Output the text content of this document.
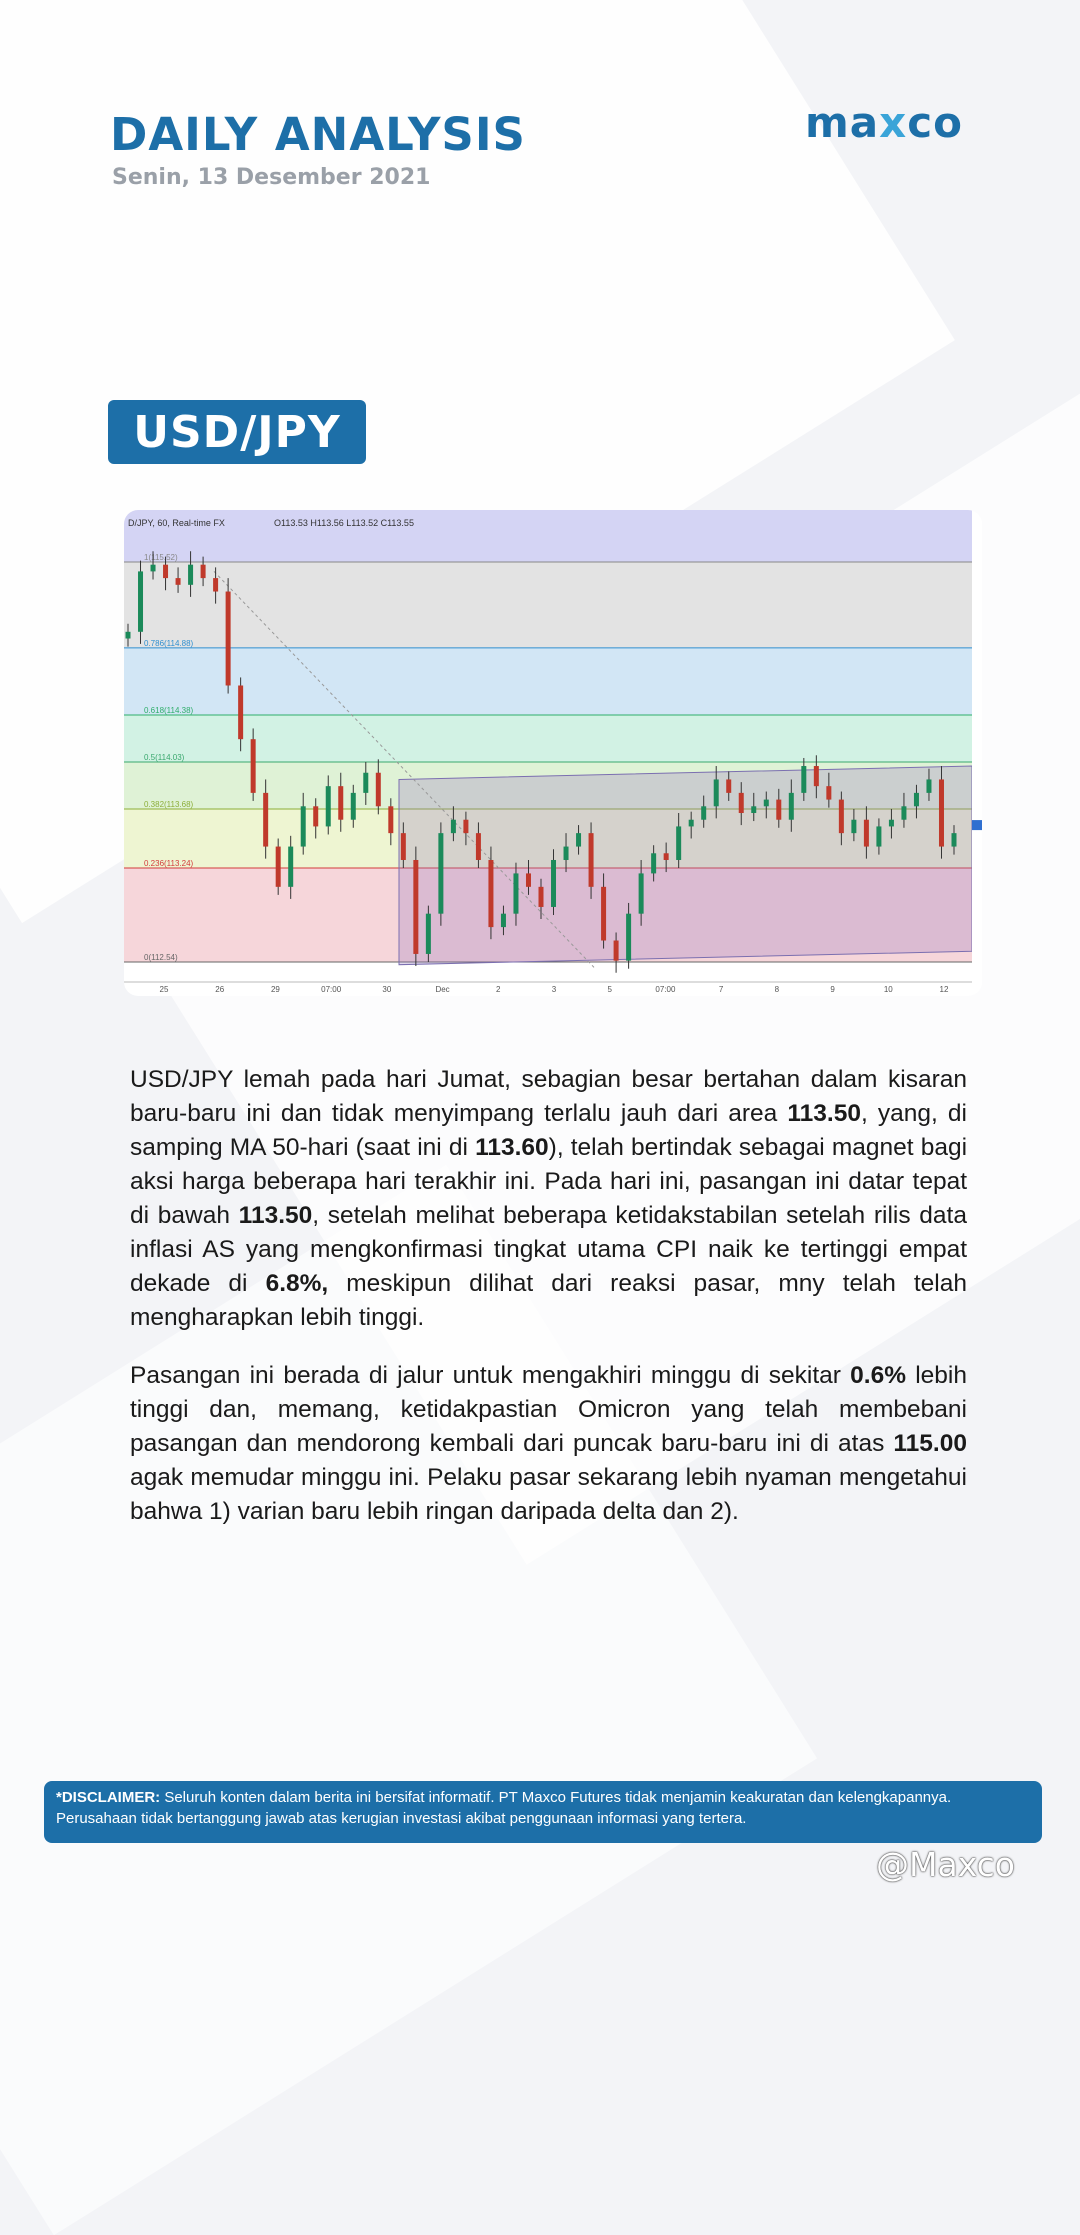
DAILY ANALYSIS
Senin, 13 Desember 2021
maxco
USD/JPY
D/JPY, 60, Real-time FX	O113.53 H113.56 L113.52 C113.55
1(115.52)
0.786(114.88)
0.618(114.38)
0.5(114.03)
0.382(113.68)
0.236(113.24)
0(112.54)
25	26	29	07:00	30	Dec	2	3	5	07:00	7	8	9	10	12

USD/JPY lemah pada hari Jumat, sebagian besar bertahan dalam kisaran baru-baru ini dan tidak menyimpang terlalu jauh dari area 113.50, yang, di samping MA 50-hari (saat ini di 113.60), telah bertindak sebagai magnet bagi aksi harga beberapa hari terakhir ini. Pada hari ini, pasangan ini datar tepat di bawah 113.50, setelah melihat beberapa ketidakstabilan setelah rilis data inflasi AS yang mengkonfirmasi tingkat utama CPI naik ke tertinggi empat dekade di 6.8%, meskipun dilihat dari reaksi pasar, mny telah telah mengharapkan lebih tinggi.

Pasangan ini berada di jalur untuk mengakhiri minggu di sekitar 0.6% lebih tinggi dan, memang, ketidakpastian Omicron yang telah membebani pasangan dan mendorong kembali dari puncak baru-baru ini di atas 115.00 agak memudar minggu ini. Pelaku pasar sekarang lebih nyaman mengetahui bahwa 1) varian baru lebih ringan daripada delta dan 2).

*DISCLAIMER: Seluruh konten dalam berita ini bersifat informatif. PT Maxco Futures tidak menjamin keakuratan dan kelengkapannya. Perusahaan tidak bertanggung jawab atas kerugian investasi akibat penggunaan informasi yang tertera.
@Maxco
